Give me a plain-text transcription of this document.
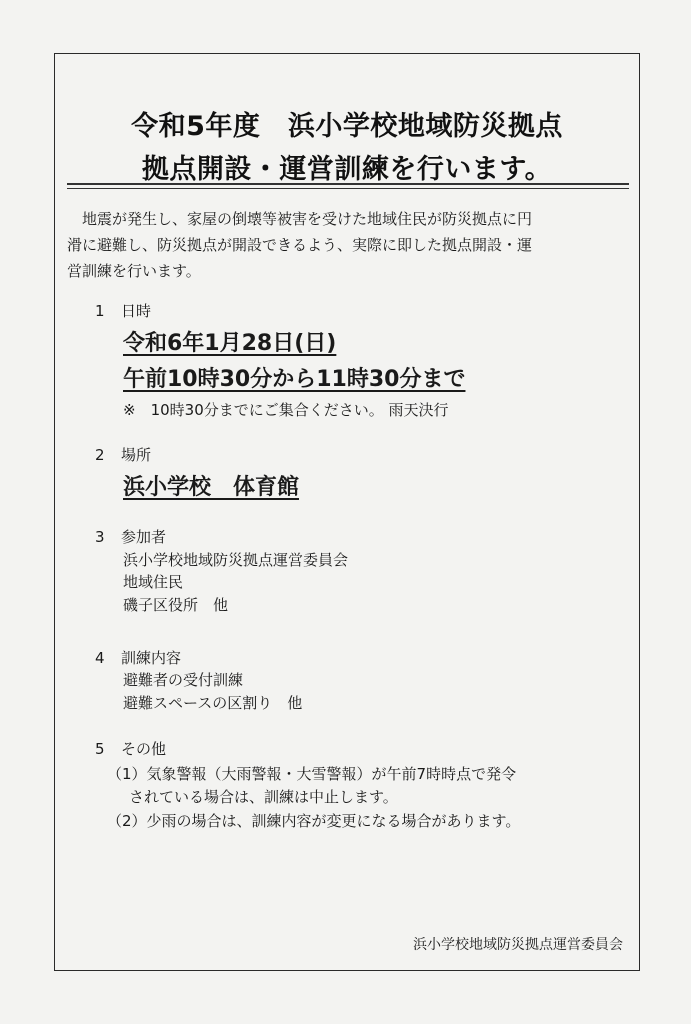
令和5年度　浜小学校地域防災拠点
拠点開設・運営訓練を行います。
地震が発生し、家屋の倒壊等被害を受けた地域住民が防災拠点に円
滑に避難し、防災拠点が開設できるよう、実際に即した拠点開設・運
営訓練を行います。
1 日時
令和6年1月28日(日)
午前10時30分から11時30分まで
※　10時30分までにご集合ください。 雨天決行
2 場所
浜小学校　体育館
3 参加者
浜小学校地域防災拠点運営委員会
地域住民
磯子区役所　他
4 訓練内容
避難者の受付訓練
避難スペースの区割り　他
5 その他
（1）気象警報（大雨警報・大雪警報）が午前7時時点で発令
されている場合は、訓練は中止します。
（2）少雨の場合は、訓練内容が変更になる場合があります。
浜小学校地域防災拠点運営委員会
